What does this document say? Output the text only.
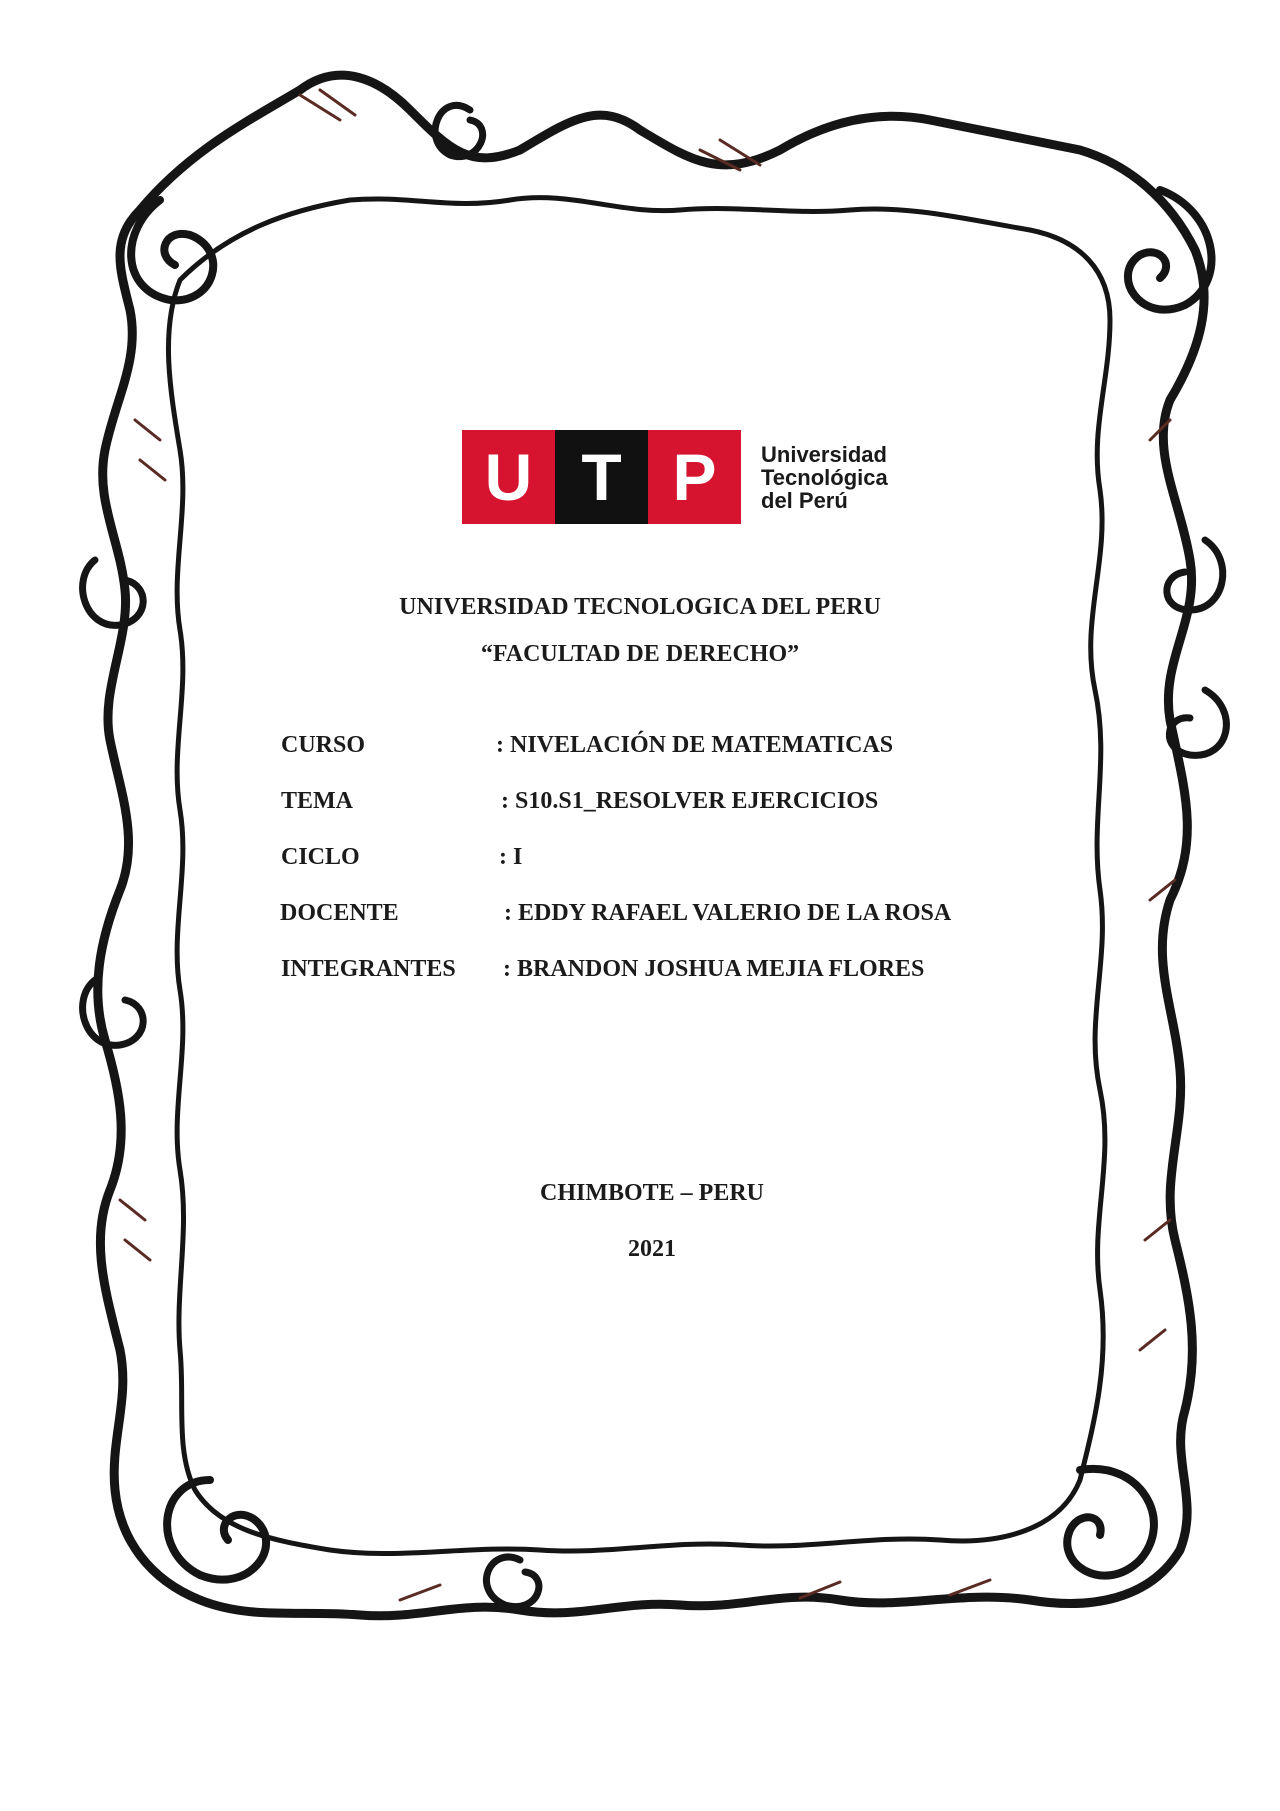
U T P	Universidad
Tecnológica
del Perú
UNIVERSIDAD TECNOLOGICA DEL PERU
“FACULTAD DE DERECHO”
CURSO	: NIVELACIÓN DE MATEMATICAS
TEMA	: S10.S1_RESOLVER EJERCICIOS
CICLO	: I
DOCENTE	: EDDY RAFAEL VALERIO DE LA ROSA
INTEGRANTES : BRANDON JOSHUA MEJIA FLORES
CHIMBOTE – PERU
2021
